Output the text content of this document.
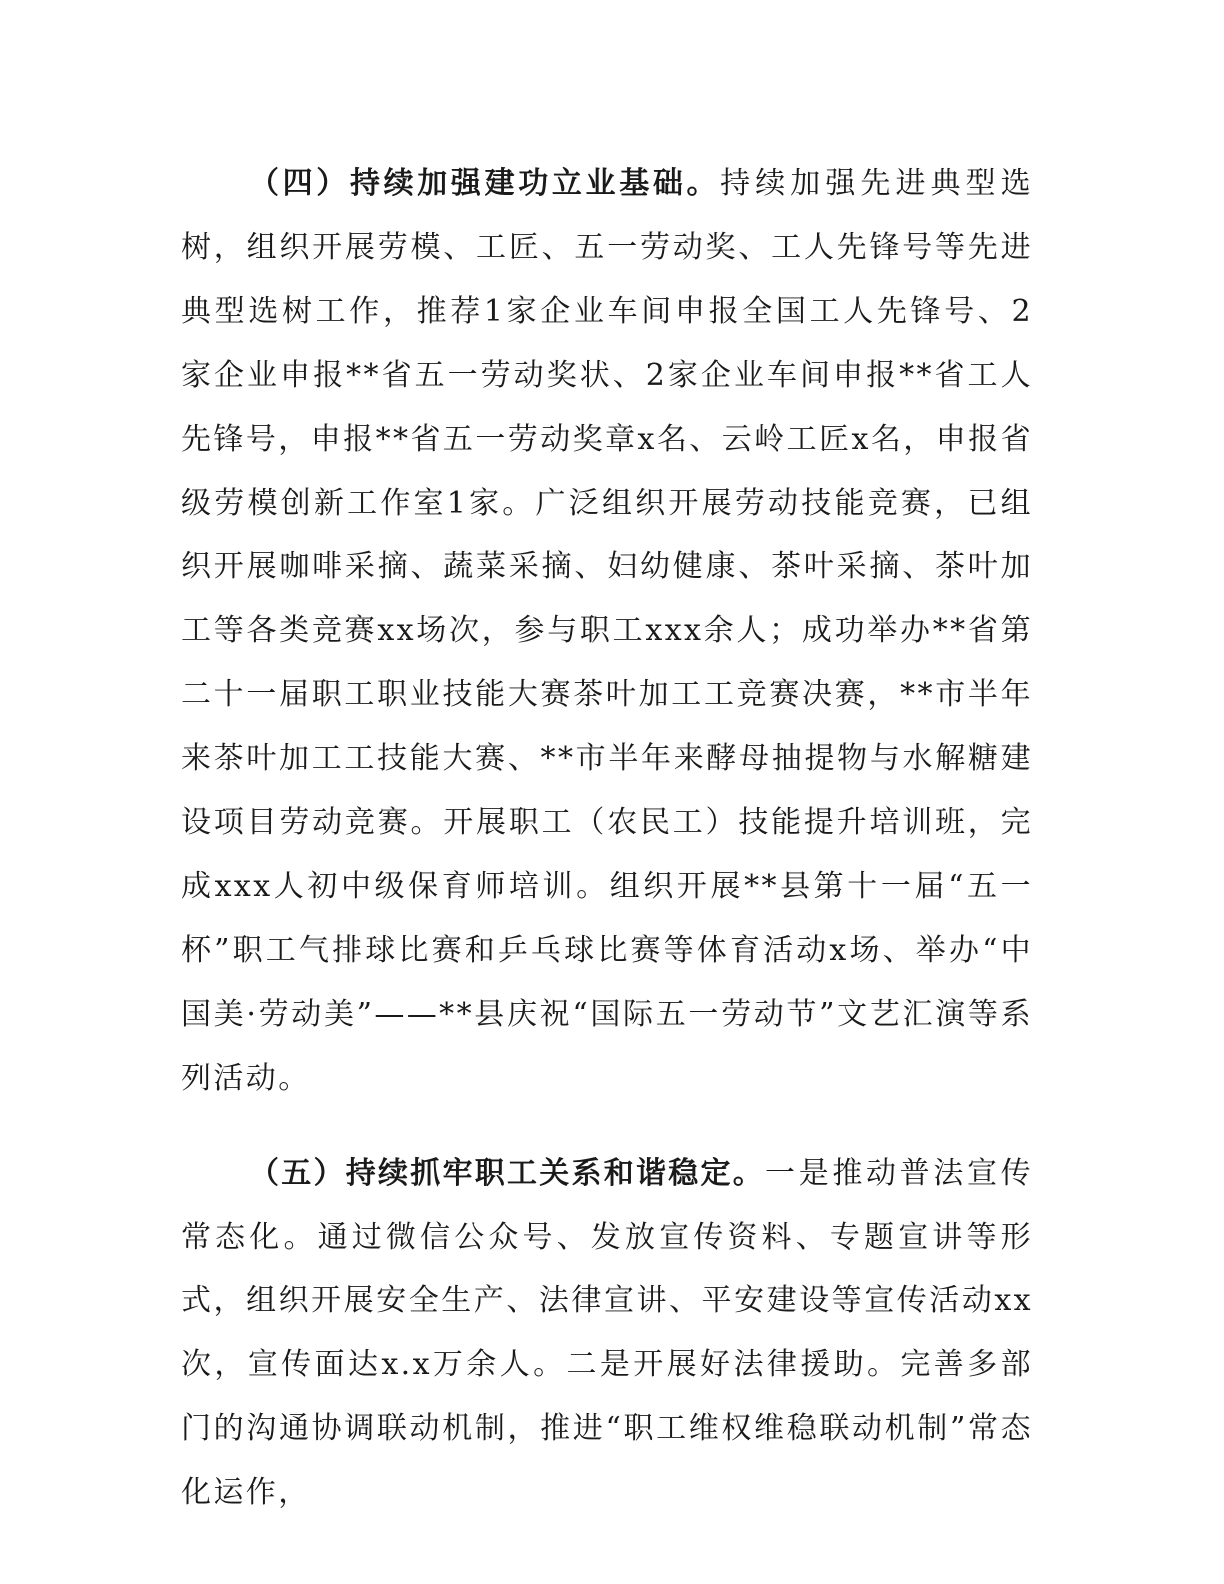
（四）持续加强建功立业基础。持续加强先进典型选树，组织开展劳模、工匠、五一劳动奖、工人先锋号等先进典型选树工作，推荐1家企业车间申报全国工人先锋号、2家企业申报**省五一劳动奖状、2家企业车间申报**省工人先锋号，申报**省五一劳动奖章x名、云岭工匠x名，申报省级劳模创新工作室1家。广泛组织开展劳动技能竞赛，已组织开展咖啡采摘、蔬菜采摘、妇幼健康、茶叶采摘、茶叶加工等各类竞赛xx场次，参与职工xxx余人；成功举办**省第二十一届职工职业技能大赛茶叶加工工竞赛决赛，**市半年来茶叶加工工技能大赛、**市半年来酵母抽提物与水解糖建设项目劳动竞赛。开展职工（农民工）技能提升培训班，完成xxx人初中级保育师培训。组织开展**县第十一届“五一杯”职工气排球比赛和乒乓球比赛等体育活动x场、举办“中国美·劳动美”——**县庆祝“国际五一劳动节”文艺汇演等系列活动。

（五）持续抓牢职工关系和谐稳定。一是推动普法宣传常态化。通过微信公众号、发放宣传资料、专题宣讲等形式，组织开展安全生产、法律宣讲、平安建设等宣传活动xx次，宣传面达x.x万余人。二是开展好法律援助。完善多部门的沟通协调联动机制，推进“职工维权维稳联动机制”常态化运作，
